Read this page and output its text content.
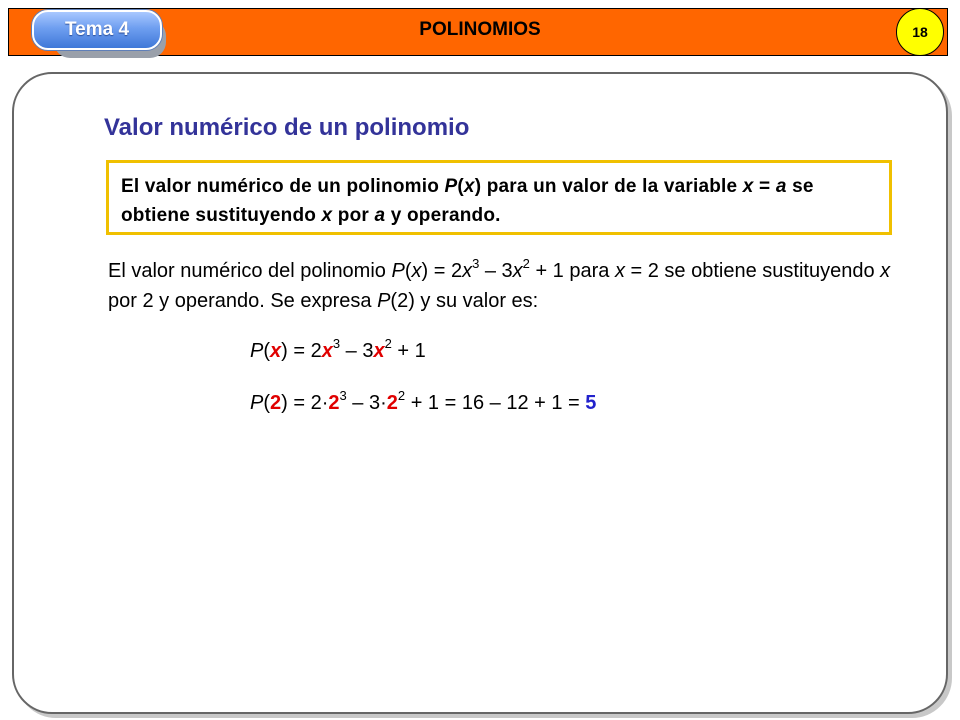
Tema 4	POLINOMIOS	18
Valor numérico de un polinomio
El valor numérico de un polinomio P(x) para un valor de la variable x = a se obtiene sustituyendo x por a y operando.
El valor numérico del polinomio $P(x) = 2x^3 - 3x^2 + 1$ para x = 2 se obtiene sustituyendo x por 2 y operando. Se expresa P(2) y su valor es:
$P(x) = 2x^3 - 3x^2 + 1$
$P(2) = 2\cdot 2^3 - 3\cdot 2^2 + 1 = 16 - 12 + 1 = 5$
